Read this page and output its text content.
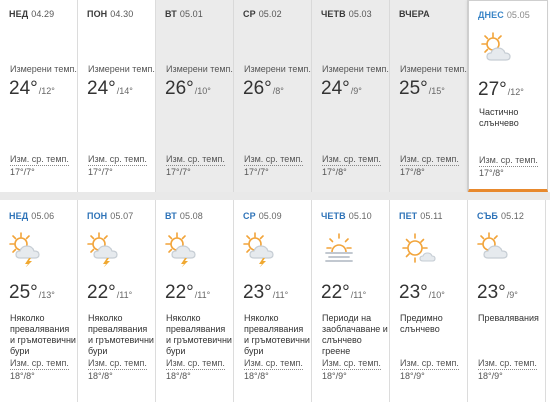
НЕД 04.29
Измерени темп.
24°/12°
Изм. ср. темп.
17°/7°
ПОН 04.30
Измерени темп.
24°/14°
Изм. ср. темп.
17°/7°
ВТ 05.01
Измерени темп.
26°/10°
Изм. ср. темп.
17°/7°
СР 05.02
Измерени темп.
26°/8°
Изм. ср. темп.
17°/7°
ЧЕТВ 05.03
Измерени темп.
24°/9°
Изм. ср. темп.
17°/8°
ВЧЕРА
Измерени темп.
25°/15°
Изм. ср. темп.
17°/8°
ДНЕС 05.05
27°/12°
Частично слънчево
Изм. ср. темп.
17°/8°
НЕД 05.06
25°/13°
Няколко превалявания и гръмотевични бури
Изм. ср. темп.
18°/8°
ПОН 05.07
22°/11°
Няколко превалявания и гръмотевични бури
Изм. ср. темп.
18°/8°
ВТ 05.08
22°/11°
Няколко превалявания и гръмотевични бури
Изм. ср. темп.
18°/8°
СР 05.09
23°/11°
Няколко превалявания и гръмотевични бури
Изм. ср. темп.
18°/8°
ЧЕТВ 05.10
22°/11°
Периоди на заоблачаване и слънчево греене
Изм. ср. темп.
18°/9°
ПЕТ 05.11
23°/10°
Предимно слънчево
Изм. ср. темп.
18°/9°
СЪБ 05.12
23°/9°
Превалявания
Изм. ср. темп.
18°/9°
